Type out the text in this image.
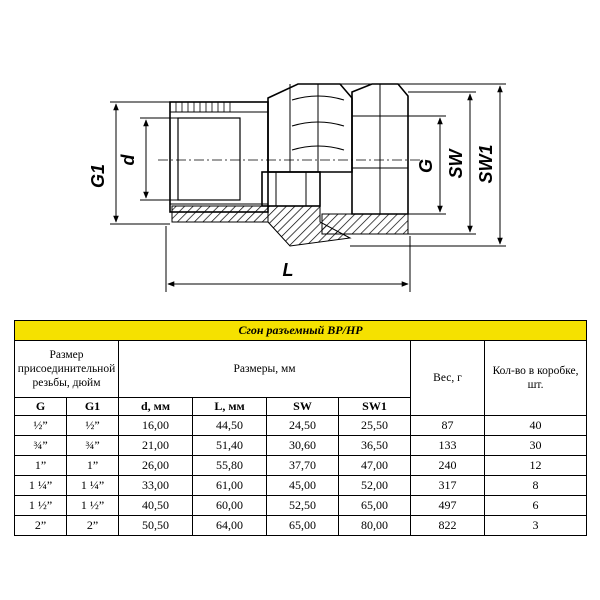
G1
d	G SW SW1
L
Сгон разъемный ВР/НР							
Размер присоединительной резьбы, дюйм		Размеры, мм				Вес, г	Кол-во в коробке, шт.
G	G1	d, мм	L, мм	SW	SW1		
½”	½”	16,00	44,50	24,50	25,50	87	40
¾”	¾”	21,00	51,40	30,60	36,50	133	30
1”	1”	26,00	55,80	37,70	47,00	240	12
1 ¼”	1 ¼”	33,00	61,00	45,00	52,00	317	8
1 ½”	1 ½”	40,50	60,00	52,50	65,00	497	6
2”	2”	50,50	64,00	65,00	80,00	822	3
